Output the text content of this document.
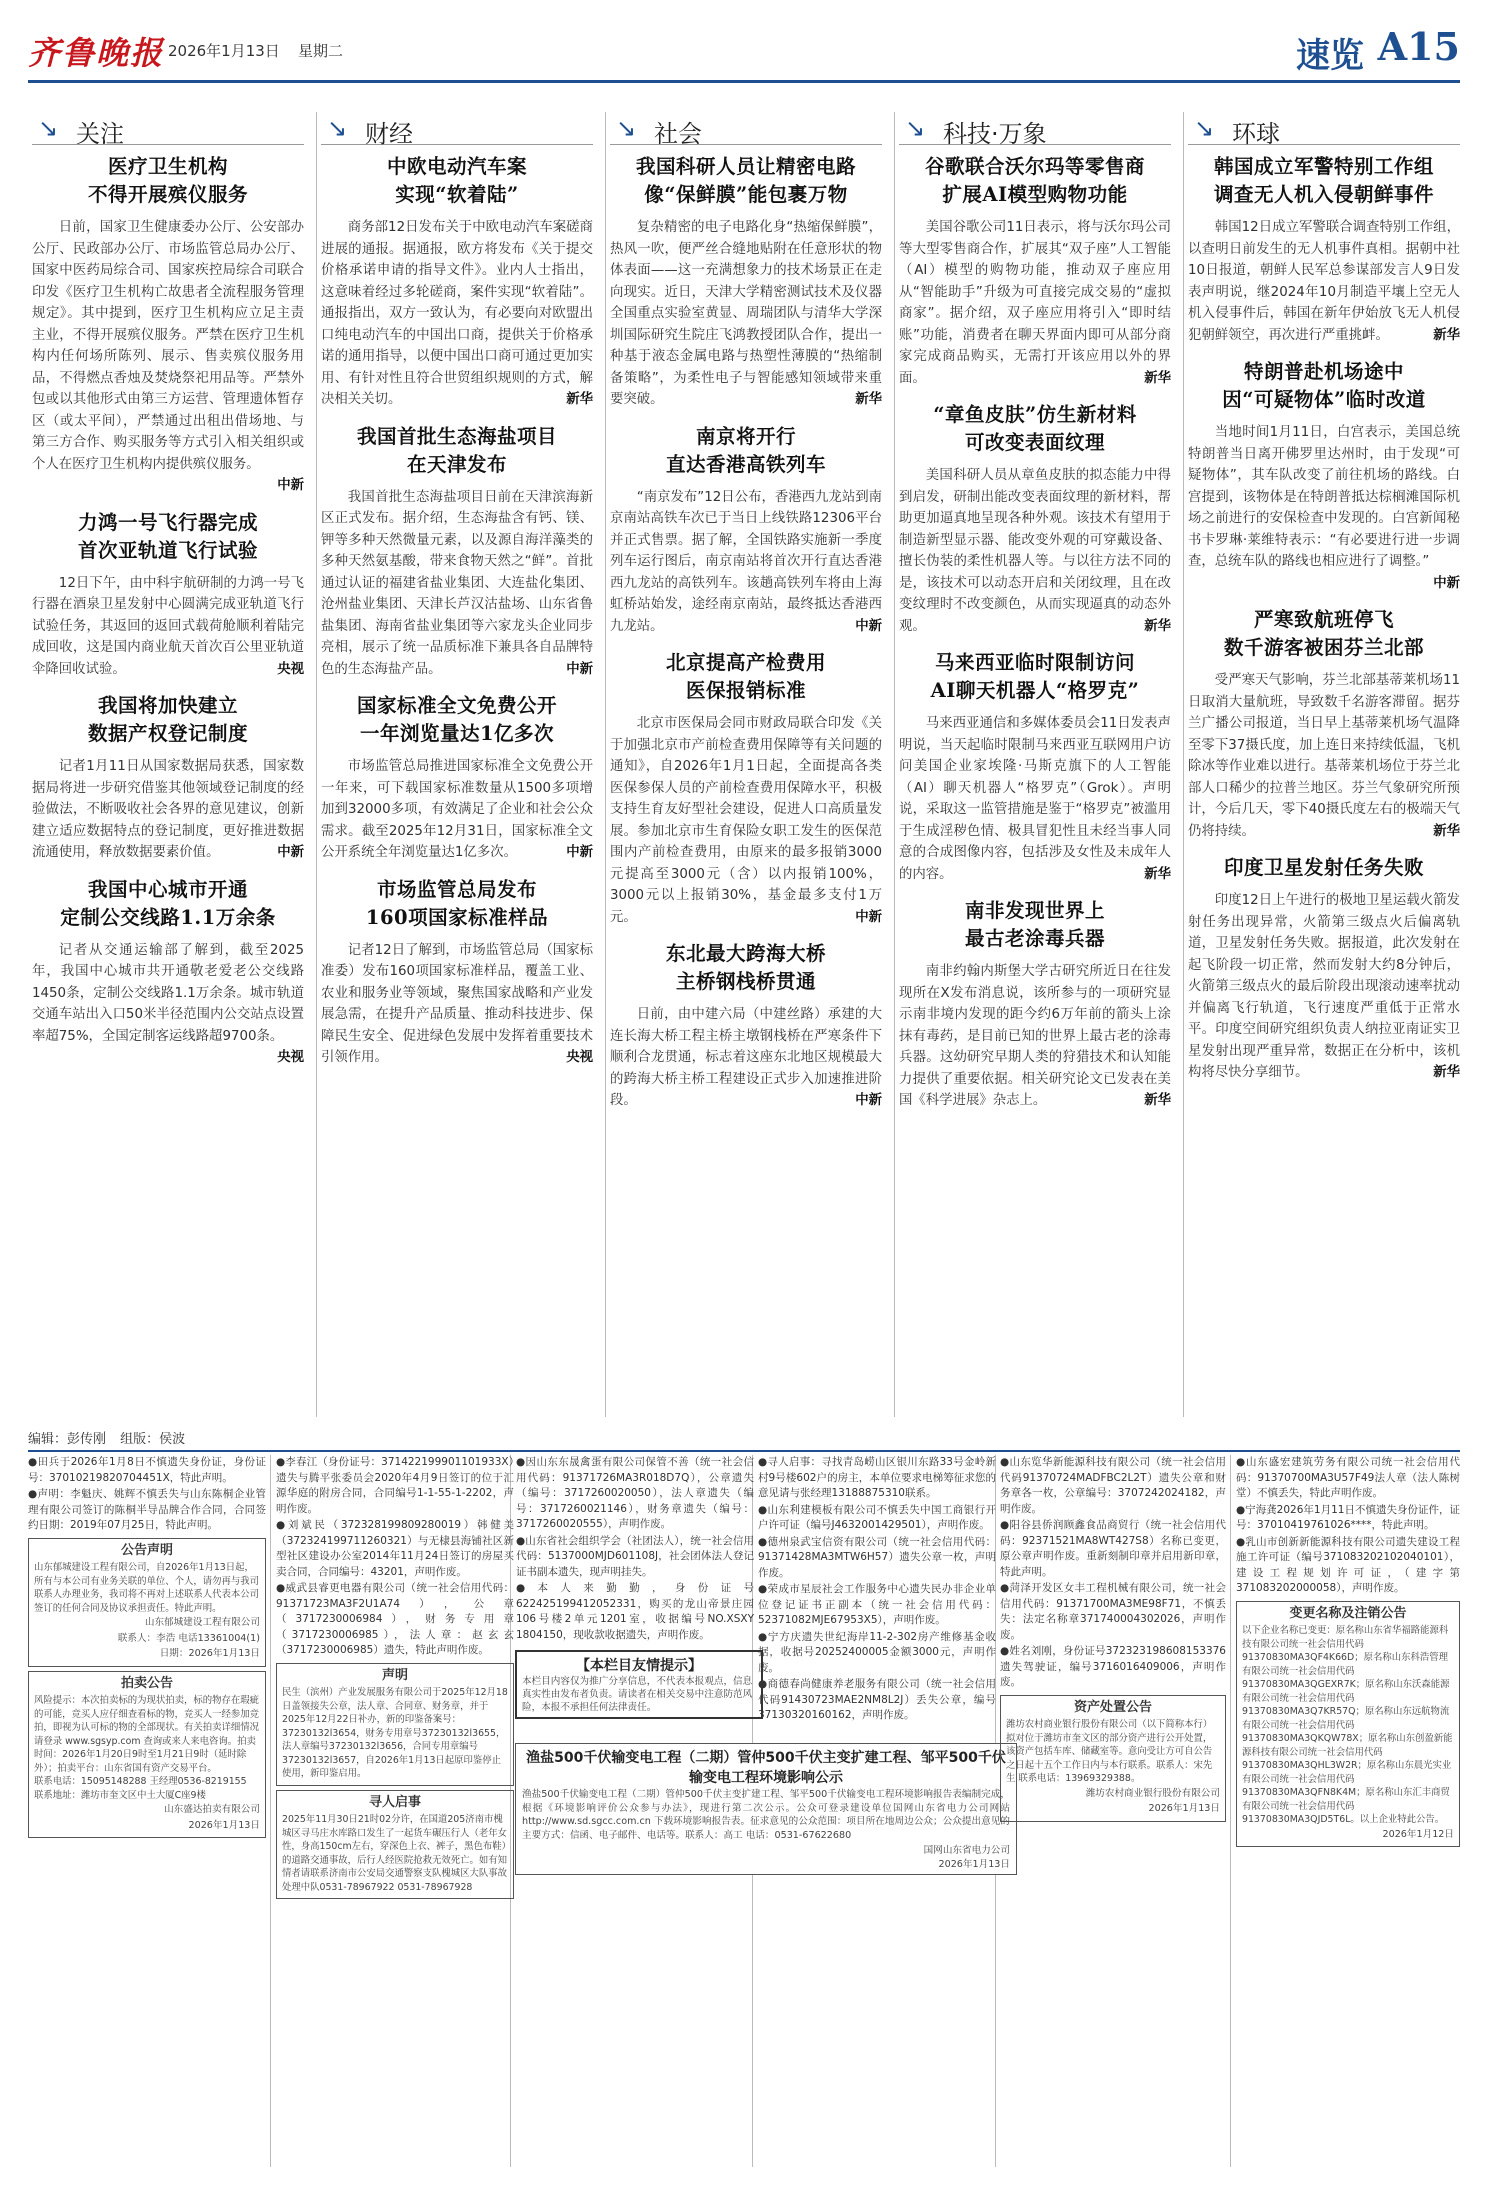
齐鲁晚报 2026年1月13日 星期二	速览 A15
↘ 关注
医疗卫生机构
不得开展殡仪服务
日前，国家卫生健康委办公厅、公安部办公厅、民政部办公厅、市场监管总局办公厅、国家中医药局综合司、国家疾控局综合司联合印发《医疗卫生机构亡故患者全流程服务管理规定》。其中提到，医疗卫生机构应立足主责主业，不得开展殡仪服务。严禁在医疗卫生机构内任何场所陈列、展示、售卖殡仪服务用品，不得燃点香烛及焚烧祭祀用品等。严禁外包或以其他形式由第三方运营、管理遗体暂存区（或太平间），严禁通过出租出借场地、与第三方合作、购买服务等方式引入相关组织或个人在医疗卫生机构内提供殡仪服务。
中新
力鸿一号飞行器完成
首次亚轨道飞行试验
12日下午，由中科宇航研制的力鸿一号飞行器在酒泉卫星发射中心圆满完成亚轨道飞行试验任务，其返回的返回式载荷舱顺利着陆完成回收，这是国内商业航天首次百公里亚轨道伞降回收试验。	央视
我国将加快建立
数据产权登记制度
记者1月11日从国家数据局获悉，国家数据局将进一步研究借鉴其他领域登记制度的经验做法，不断吸收社会各界的意见建议，创新建立适应数据特点的登记制度，更好推进数据流通使用，释放数据要素价值。	中新
我国中心城市开通
定制公交线路1.1万余条
记者从交通运输部了解到，截至2025年，我国中心城市共开通敬老爱老公交线路1450条，定制公交线路1.1万余条。城市轨道交通车站出入口50米半径范围内公交站点设置率超75%，全国定制客运线路超9700条。
央视
↘ 财经
中欧电动汽车案
实现“软着陆”
商务部12日发布关于中欧电动汽车案磋商进展的通报。据通报，欧方将发布《关于提交价格承诺申请的指导文件》。业内人士指出，这意味着经过多轮磋商，案件实现“软着陆”。通报指出，双方一致认为，有必要向对欧盟出口纯电动汽车的中国出口商，提供关于价格承诺的通用指导，以便中国出口商可通过更加实用、有针对性且符合世贸组织规则的方式，解决相关关切。	新华
我国首批生态海盐项目
在天津发布
我国首批生态海盐项目日前在天津滨海新区正式发布。据介绍，生态海盐含有钙、镁、钾等多种天然微量元素，以及源自海洋藻类的多种天然氨基酸，带来食物天然之“鲜”。首批通过认证的福建省盐业集团、大连盐化集团、沧州盐业集团、天津长芦汉沽盐场、山东省鲁盐集团、海南省盐业集团等六家龙头企业同步亮相，展示了统一品质标准下兼具各自品牌特色的生态海盐产品。	中新
国家标准全文免费公开
一年浏览量达1亿多次
市场监管总局推进国家标准全文免费公开一年来，可下载国家标准数量从1500多项增加到32000多项，有效满足了企业和社会公众需求。截至2025年12月31日，国家标准全文公开系统全年浏览量达1亿多次。	中新
市场监管总局发布
160项国家标准样品
记者12日了解到，市场监管总局（国家标准委）发布160项国家标准样品，覆盖工业、农业和服务业等领域，聚焦国家战略和产业发展急需，在提升产品质量、推动科技进步、保障民生安全、促进绿色发展中发挥着重要技术引领作用。	央视
↘ 社会
我国科研人员让精密电路
像“保鲜膜”能包裹万物
复杂精密的电子电路化身“热缩保鲜膜”，热风一吹，便严丝合缝地贴附在任意形状的物体表面——这一充满想象力的技术场景正在走向现实。近日，天津大学精密测试技术及仪器全国重点实验室黄显、周瑞团队与清华大学深圳国际研究生院庄飞鸿教授团队合作，提出一种基于液态金属电路与热塑性薄膜的“热缩制备策略”，为柔性电子与智能感知领域带来重要突破。	新华
南京将开行
直达香港高铁列车
“南京发布”12日公布，香港西九龙站到南京南站高铁车次已于当日上线铁路12306平台并正式售票。据了解，全国铁路实施新一季度列车运行图后，南京南站将首次开行直达香港西九龙站的高铁列车。该趟高铁列车将由上海虹桥站始发，途经南京南站，最终抵达香港西九龙站。	中新
北京提高产检费用
医保报销标准
北京市医保局会同市财政局联合印发《关于加强北京市产前检查费用保障等有关问题的通知》，自2026年1月1日起，全面提高各类医保参保人员的产前检查费用保障水平，积极支持生育友好型社会建设，促进人口高质量发展。参加北京市生育保险女职工发生的医保范围内产前检查费用，由原来的最多报销3000元提高至3000元（含）以内报销100%，3000元以上报销30%，基金最多支付1万元。	中新
东北最大跨海大桥
主桥钢栈桥贯通
日前，由中建六局（中建丝路）承建的大连长海大桥工程主桥主墩钢栈桥在严寒条件下顺利合龙贯通，标志着这座东北地区规模最大的跨海大桥主桥工程建设正式步入加速推进阶段。	中新
↘ 科技·万象
谷歌联合沃尔玛等零售商
扩展AI模型购物功能
美国谷歌公司11日表示，将与沃尔玛公司等大型零售商合作，扩展其“双子座”人工智能（AI）模型的购物功能，推动双子座应用从“智能助手”升级为可直接完成交易的“虚拟商家”。据介绍，双子座应用将引入“即时结账”功能，消费者在聊天界面内即可从部分商家完成商品购买，无需打开该应用以外的界面。	新华
“章鱼皮肤”仿生新材料
可改变表面纹理
美国科研人员从章鱼皮肤的拟态能力中得到启发，研制出能改变表面纹理的新材料，帮助更加逼真地呈现各种外观。该技术有望用于制造新型显示器、能改变外观的可穿戴设备、擅长伪装的柔性机器人等。与以往方法不同的是，该技术可以动态开启和关闭纹理，且在改变纹理时不改变颜色，从而实现逼真的动态外观。	新华
马来西亚临时限制访问
AI聊天机器人“格罗克”
马来西亚通信和多媒体委员会11日发表声明说，当天起临时限制马来西亚互联网用户访问美国企业家埃隆·马斯克旗下的人工智能（AI）聊天机器人“格罗克”（Grok）。声明说，采取这一监管措施是鉴于“格罗克”被滥用于生成淫秽色情、极具冒犯性且未经当事人同意的合成图像内容，包括涉及女性及未成年人的内容。	新华
南非发现世界上
最古老涂毒兵器
南非约翰内斯堡大学古研究所近日在往发现所在X发布消息说，该所参与的一项研究显示南非境内发现的距今约6万年前的箭头上涂抹有毒药，是目前已知的世界上最古老的涂毒兵器。这幼研究早期人类的狩猎技术和认知能力提供了重要依据。相关研究论文已发表在美国《科学进展》杂志上。	新华
↘ 环球
韩国成立军警特别工作组
调查无人机入侵朝鲜事件
韩国12日成立军警联合调查特别工作组，以查明日前发生的无人机事件真相。据朝中社10日报道，朝鲜人民军总参谋部发言人9日发表声明说，继2024年10月制造平壤上空无人机入侵事件后，韩国在新年伊始放飞无人机侵犯朝鲜领空，再次进行严重挑衅。	新华
特朗普赴机场途中
因“可疑物体”临时改道
当地时间1月11日，白宫表示，美国总统特朗普当日离开佛罗里达州时，由于发现“可疑物体”，其车队改变了前往机场的路线。白宫提到，该物体是在特朗普抵达棕榈滩国际机场之前进行的安保检查中发现的。白宫新闻秘书卡罗琳·莱维特表示：“有必要进行进一步调查，总统车队的路线也相应进行了调整。”
中新
严寒致航班停飞
数千游客被困芬兰北部
受严寒天气影响，芬兰北部基蒂莱机场11日取消大量航班，导致数千名游客滞留。据芬兰广播公司报道，当日早上基蒂莱机场气温降至零下37摄氏度，加上连日来持续低温，飞机除冰等作业难以进行。基蒂莱机场位于芬兰北部人口稀少的拉普兰地区。芬兰气象研究所预计，今后几天，零下40摄氏度左右的极端天气仍将持续。	新华
印度卫星发射任务失败
印度12日上午进行的极地卫星运载火箭发射任务出现异常，火箭第三级点火后偏离轨道，卫星发射任务失败。据报道，此次发射在起飞阶段一切正常，然而发射大约8分钟后，火箭第三级点火的最后阶段出现滚动速率扰动并偏离飞行轨道，飞行速度严重低于正常水平。印度空间研究组织负责人纳拉亚南证实卫星发射出现严重异常，数据正在分析中，该机构将尽快分享细节。	新华
编辑：彭传刚 组版：侯波

●田兵于2026年1月8日不慎遗失身份证，身份证号：37010219820704451X，特此声明。

●声明：李魁庆、姚辉不慎丢失与山东陈桐企业管理有限公司签订的陈桐半导品牌合作合同，合同签约日期：2019年07月25日，特此声明。

公告声明
山东郁城建设工程有限公司，自2026年1月13日起，所有与本公司有业务关联的单位、个人，请勿再与我司联系人办理业务，我司将不再对上述联系人代表本公司签订的任何合同及协议承担责任。特此声明。
山东郁城建设工程有限公司
联系人：李浩 电话13361004(1)
日期：2026年1月13日
拍卖公告
风险提示：本次拍卖标的为现状拍卖，标的物存在瑕疵的可能，竞买人应仔细查看标的物，竞买人一经参加竞拍，即视为认可标的物的全部现状。有关拍卖详细情况请登录 www.sgsyp.com 查询或来人来电咨询。拍卖时间：2026年1月20日9时至1月21日9时（延时除外）；拍卖平台：山东省国有资产交易平台。
联系电话：15095148288 王经理0536-8219155
联系地址：潍坊市奎文区中土大厦C座9楼
山东盛达拍卖有限公司
2026年1月13日

●李春江（身份证号：371422199901101933X）遗失与腾平张委员会2020年4月9日签订的位于汇源华庭的附房合同，合同编号1-1-55-1-2202，声明作废。

●刘斌民（372328199809280019）韩健美（372324199711260321）与无棣县海铺社区新型社区建设办公室2014年11月24日签订的房屋买卖合同，合同编号：43201，声明作废。

●威武县睿更电器有限公司（统一社会信用代码：91371723MA3F2U1A74），公章（3717230006984），财务专用章（3717230006985），法人章：赵玄玄（3717230006985）遗失，特此声明作废。

声明
民生（滨州）产业发展服务有限公司于2025年12月18日盖领接失公章，法人章、合同章、财务章，并于2025年12月22日补办，新的印鉴备案号：37230132l3654，财务专用章号37230132l3655，法人章编号37230132l3656，合同专用章编号37230132l3657，自2026年1月13日起原印鉴停止使用，新印鉴启用。
寻人启事
2025年11月30日21时02分许，在国道205济南市槐城区寻马庄水库路口发生了一起货车碾压行人（老年女性，身高150cm左右，穿深色上衣、裤子，黑色布鞋）的道路交通事故，后行人经医院抢救无效死亡。如有知情者请联系济南市公安局交通警察支队槐城区大队事故处理中队0531-78967922 0531-78967928

●因山东东晟禽蛋有限公司保管不善（统一社会信用代码：91371726MA3R018D7Q），公章遗失（编号：3717260020050），法人章遗失（编号：3717260021146），财务章遗失（编号：3717260020555），声明作废。

●山东省社会组织学会（社团法人），统一社会信用代码：5137000MJD601108J，社会团体法人登记证书副本遗失，现声明挂失。

●本人来勤勤，身份证号622425199412052331，购买的龙山帝景庄园106号楼2单元1201室，收据编号NO.XSXY 1804150，现收款收据遗失，声明作废。

【本栏目友情提示】
本栏目内容仅为推广分享信息，不代表本报观点，信息真实性由发布者负责。请读者在相关交易中注意防范风险，本报不承担任何法律责任。
渔盐500千伏输变电工程（二期）管仲500千伏主变扩建工程、邹平500千伏输变电工程环境影响公示
渔盐500千伏输变电工程（二期）管仲500千伏主变扩建工程、邹平500千伏输变电工程环境影响报告表编制完成，根据《环境影响评价公众参与办法》，现进行第二次公示。公众可登录建设单位国网山东省电力公司网站 http://www.sd.sgcc.com.cn 下载环境影响报告表。征求意见的公众范围：项目所在地周边公众；公众提出意见的主要方式：信函、电子邮件、电话等。联系人：高工 电话：0531-67622680
国网山东省电力公司
2026年1月13日

●寻人启事：寻找青岛崂山区银川东路33号金岭新村9号楼602户的房主，本单位要求电梯筹征求您的意见请与张经理13188875310联系。

●山东利建模板有限公司不慎丢失中国工商银行开户许可证（编号J4632001429501），声明作废。

●德州泉武宝信资有限公司（统一社会信用代码：91371428MA3MTW6H57）遗失公章一枚，声明作废。

●荣成市星辰社会工作服务中心遗失民办非企业单位登记证书正副本（统一社会信用代码：52371082MJE67953X5），声明作废。

●宁方庆遗失世纪海岸11-2-302房产维修基金收据，收据号20252400005金额3000元，声明作废。

●商德春尚健康养老服务有限公司（统一社会信用代码91430723MAE2NM8L2J）丢失公章，编号37130320160162，声明作废。

●山东览华新能源科技有限公司（统一社会信用代码91370724MADFBC2L2T）遗失公章和财务章各一枚，公章编号：3707242024182，声明作废。

●阳谷县侨润顾鑫食品商贸行（统一社会信用代码：92371521MA8WT427S8）名称已变更，原公章声明作废。重新刻制印章并启用新印章，特此声明。

●菏泽开发区女丰工程机械有限公司，统一社会信用代码：91371700MA3ME98F71，不慎丢失：法定名称章371740004302026，声明作废。

●姓名刘刚，身份证号372323198608153376遗失驾驶证，编号3716016409006，声明作废。

资产处置公告
潍坊农村商业银行股份有限公司（以下简称本行）拟对位于潍坊市奎文区的部分资产进行公开处置，该资产包括车库、储藏室等。意向受让方可自公告之日起十五个工作日内与本行联系。联系人：宋先生 联系电话：13969329388。
潍坊农村商业银行股份有限公司
2026年1月13日

●山东盛宏建筑劳务有限公司统一社会信用代码：91370700MA3U57F49法人章（法人陈树堂）不慎丢失，特此声明作废。

●宁海龚2026年1月11日不慎遗失身份证件，证号：37010419761026****，特此声明。

●乳山市创新新能源科技有限公司遗失建设工程施工许可证（编号371083202102040101），建设工程规划许可证，（建字第371083202000058），声明作废。

变更名称及注销公告
以下企业名称已变更：原名称山东省华福路能源科技有限公司统一社会信用代码91370830MA3QF4K66D；原名称山东科浩管理有限公司统一社会信用代码91370830MA3QGEXR7K；原名称山东沃森能源有限公司统一社会信用代码91370830MA3Q7KR57Q；原名称山东远航物流有限公司统一社会信用代码91370830MA3QKQW78X；原名称山东创盈新能源科技有限公司统一社会信用代码91370830MA3QHL3W2R；原名称山东晨光实业有限公司统一社会信用代码91370830MA3QFN8K4M；原名称山东汇丰商贸有限公司统一社会信用代码91370830MA3QJD5T6L。以上企业特此公告。
2026年1月12日
